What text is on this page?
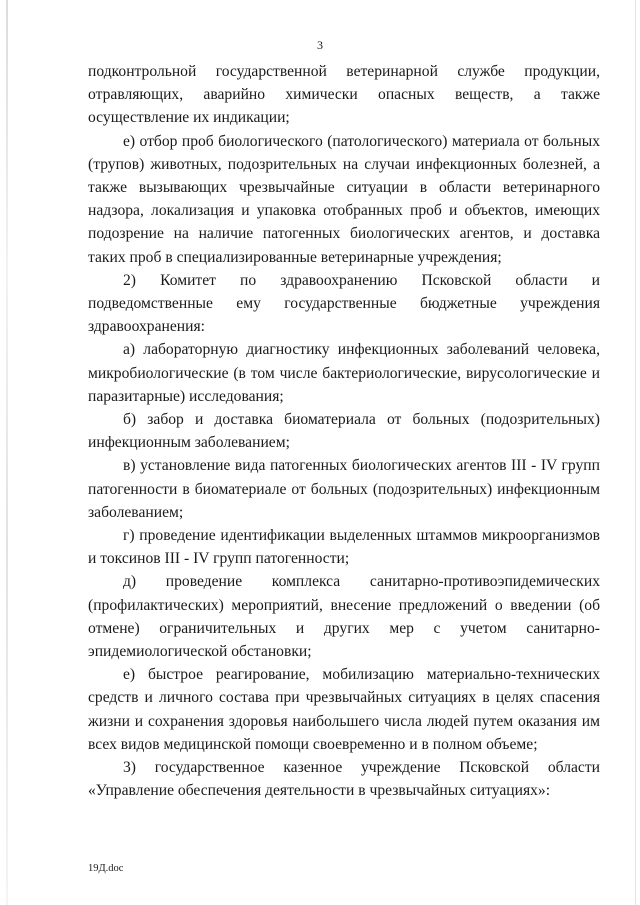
3

подконтрольной государственной ветеринарной службе продукции, отравляющих, аварийно химически опасных веществ, а также осуществление их индикации;

е) отбор проб биологического (патологического) материала от больных (трупов) животных, подозрительных на случаи инфекционных болезней, а также вызывающих чрезвычайные ситуации в области ветеринарного надзора, локализация и упаковка отобранных проб и объектов, имеющих подозрение на наличие патогенных биологических агентов, и доставка таких проб в специализированные ветеринарные учреждения;

2) Комитет по здравоохранению Псковской области и подведомственные ему государственные бюджетные учреждения здравоохранения:

а) лабораторную диагностику инфекционных заболеваний человека, микробиологические (в том числе бактериологические, вирусологические и паразитарные) исследования;

б) забор и доставка биоматериала от больных (подозрительных) инфекционным заболеванием;

в) установление вида патогенных биологических агентов III - IV групп патогенности в биоматериале от больных (подозрительных) инфекционным заболеванием;

г) проведение идентификации выделенных штаммов микроорганизмов и токсинов III - IV групп патогенности;

д) проведение комплекса санитарно-противоэпидемических (профилактических) мероприятий, внесение предложений о введении (об отмене) ограничительных и других мер с учетом санитарно-эпидемиологической обстановки;

е) быстрое реагирование, мобилизацию материально-технических средств и личного состава при чрезвычайных ситуациях в целях спасения жизни и сохранения здоровья наибольшего числа людей путем оказания им всех видов медицинской помощи своевременно и в полном объеме;

3) государственное казенное учреждение Псковской области «Управление обеспечения деятельности в чрезвычайных ситуациях»:

19Д.doc
